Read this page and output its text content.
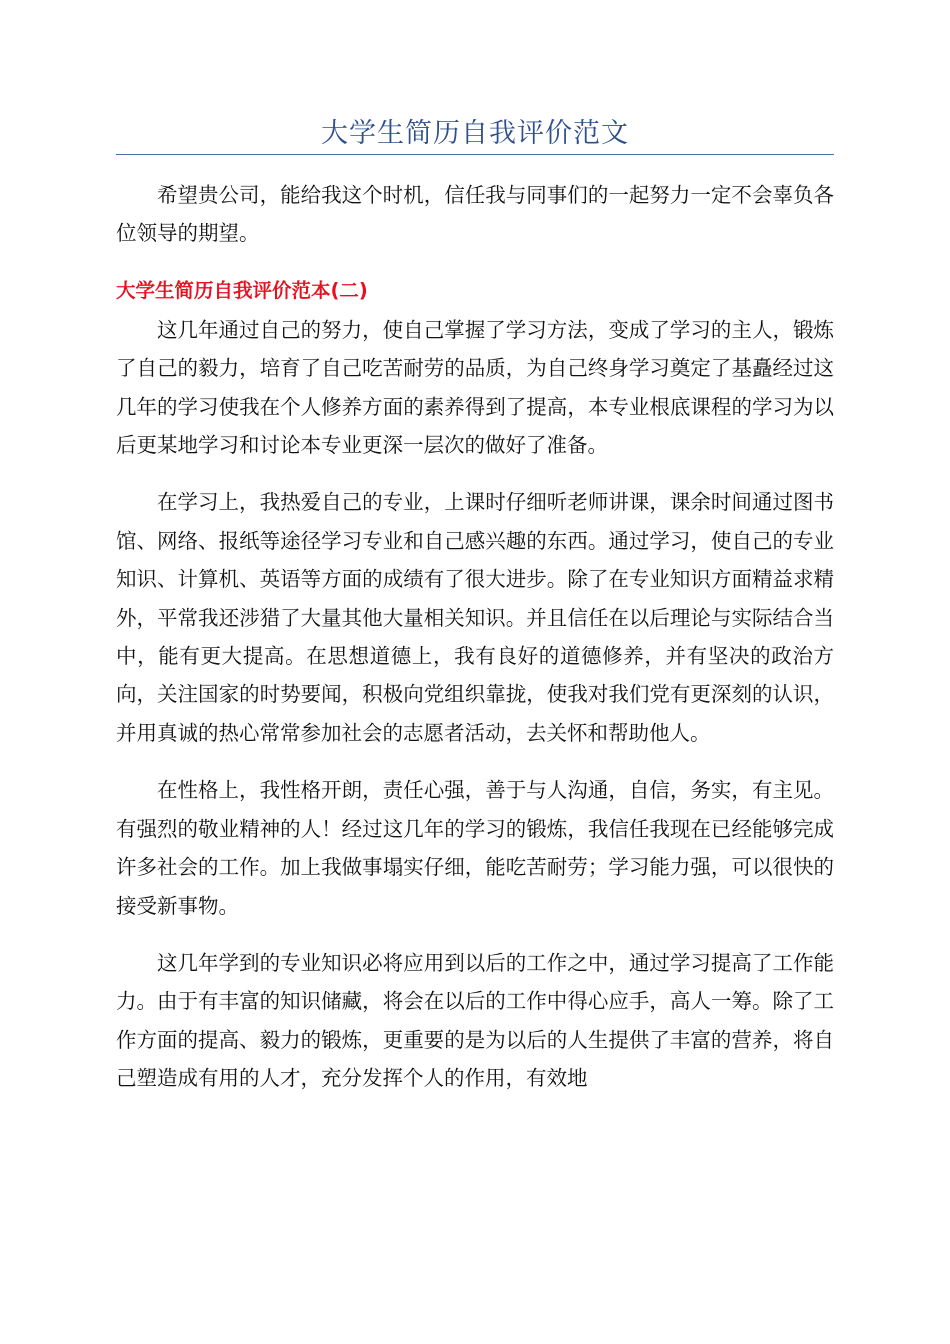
大学生简历自我评价范文

希望贵公司，能给我这个时机，信任我与同事们的一起努力一定不会辜负各位领导的期望。

大学生简历自我评价范本(二)

这几年通过自己的努力，使自己掌握了学习方法，变成了学习的主人，锻炼了自己的毅力，培育了自己吃苦耐劳的品质，为自己终身学习奠定了基矗经过这几年的学习使我在个人修养方面的素养得到了提高，本专业根底课程的学习为以后更某地学习和讨论本专业更深一层次的做好了准备。

在学习上，我热爱自己的专业，上课时仔细听老师讲课，课余时间通过图书馆、网络、报纸等途径学习专业和自己感兴趣的东西。通过学习，使自己的专业知识、计算机、英语等方面的成绩有了很大进步。除了在专业知识方面精益求精外，平常我还涉猎了大量其他大量相关知识。并且信任在以后理论与实际结合当中，能有更大提高。在思想道德上，我有良好的道德修养，并有坚决的政治方向，关注国家的时势要闻，积极向党组织靠拢，使我对我们党有更深刻的认识，并用真诚的热心常常参加社会的志愿者活动，去关怀和帮助他人。

在性格上，我性格开朗，责任心强，善于与人沟通，自信，务实，有主见。有强烈的敬业精神的人！经过这几年的学习的锻炼，我信任我现在已经能够完成许多社会的工作。加上我做事塌实仔细，能吃苦耐劳；学习能力强，可以很快的接受新事物。

这几年学到的专业知识必将应用到以后的工作之中，通过学习提高了工作能力。由于有丰富的知识储藏，将会在以后的工作中得心应手，高人一筹。除了工作方面的提高、毅力的锻炼，更重要的是为以后的人生提供了丰富的营养，将自己塑造成有用的人才，充分发挥个人的作用，有效地
